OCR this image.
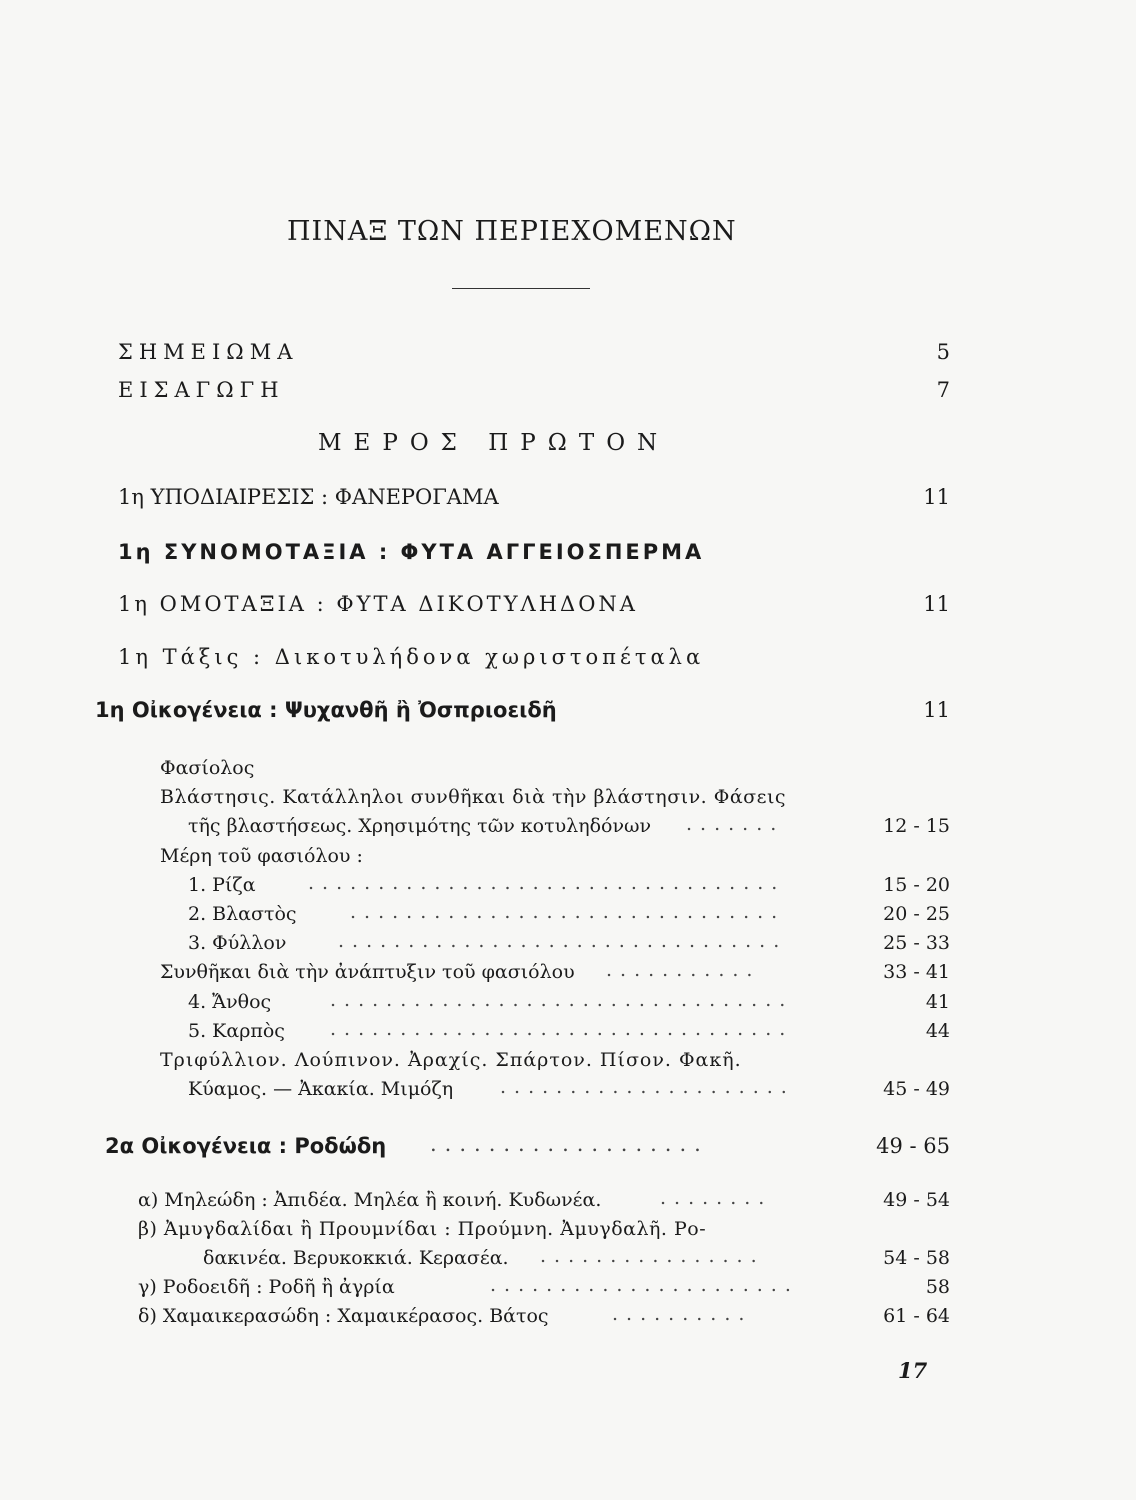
ΠΙΝΑΞ ΤΩΝ ΠΕΡΙΕΧΟΜΕΝΩΝ
ΣΗΜΕΙΩΜΑ	5
ΕΙΣΑΓΩΓΗ	7
ΜΕΡΟΣ ΠΡΩΤΟΝ
1η ΥΠΟΔΙΑΙΡΕΣΙΣ : ΦΑΝΕΡΟΓΑΜΑ	11
1η ΣΥΝΟΜΟΤΑΞΙΑ : ΦΥΤΑ ΑΓΓΕΙΟΣΠΕΡΜΑ
1η ΟΜΟΤΑΞΙΑ : ΦΥΤΑ ΔΙΚΟΤΥΛΗΔΟΝΑ	11
1η Τάξις : Δικοτυλήδονα χωριστοπέταλα
1η Οἰκογένεια : Ψυχανθῆ ἢ Ὀσπριοειδῆ	11
Φασίολος
Βλάστησις. Κατάλληλοι συνθῆκαι διὰ τὴν βλάστησιν. Φάσεις
τῆς βλαστήσεως. Χρησιμότης τῶν κοτυληδόνων .......	12 - 15
Μέρη τοῦ φασιόλου :
1. Ρίζα	..................................	15 - 20
2. Βλαστὸς	...............................	20 - 25
3. Φύλλον	................................	25 - 33
Συνθῆκαι διὰ τὴν ἀνάπτυξιν τοῦ φασιόλου ...........	33 - 41
4. Ἄνθος	.................................	41
5. Καρπὸς .................................	44
Τριφύλλιον. Λούπινον. Ἀραχίς. Σπάρτον. Πίσον. Φακῆ.
Κύαμος. — Ἀκακία. Μιμόζη .....................	45 - 49
2α Οἰκογένεια : Ροδώδη ...................	49 - 65
α) Μηλεώδη : Ἀπιδέα. Μηλέα ἢ κοινή. Κυδωνέα.	........	49 - 54
β) Ἀμυγδαλίδαι ἢ Προυμνίδαι : Προύμνη. Ἀμυγδαλῆ. Ρο-
δακινέα. Βερυκοκκιά. Κερασέα. ................	54 - 58
γ) Ροδοειδῆ : Ροδῆ ἢ ἀγρία	......................	58
δ) Χαμαικερασώδη : Χαμαικέρασος. Βάτος	..........	61 - 64
17
